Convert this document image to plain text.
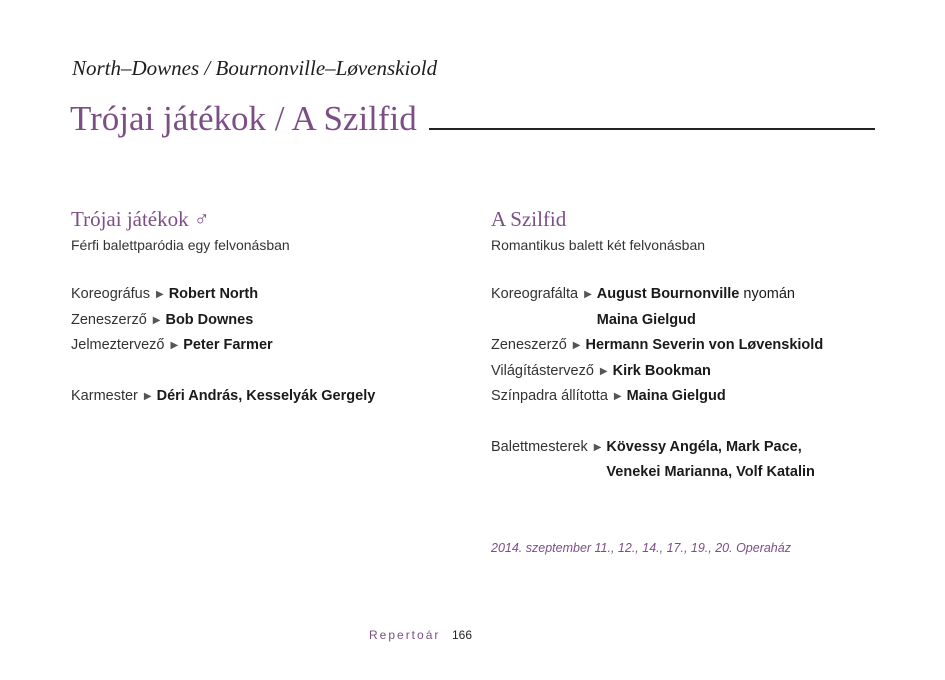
North–Downes / Bournonville–Løvenskiold
Trójai játékok / A Szilfid
Trójai játékok ♂
Férfi balettparódia egy felvonásban
Koreográfus ▶ Robert North
Zeneszerző ▶ Bob Downes
Jelmeztervező ▶ Peter Farmer
Karmester ▶ Déri András, Kesselyák Gergely
A Szilfid
Romantikus balett két felvonásban
Koreografálta ▶ August Bournonville nyomán
Maina Gielgud
Zeneszerző ▶ Hermann Severin von Løvenskiold
Világítástervező ▶ Kirk Bookman
Színpadra állította ▶ Maina Gielgud
Balettmesterek ▶ Kövessy Angéla, Mark Pace,
Venekei Marianna, Volf Katalin
2014. szeptember 11., 12., 14., 17., 19., 20. Operaház
Repertoár 166
